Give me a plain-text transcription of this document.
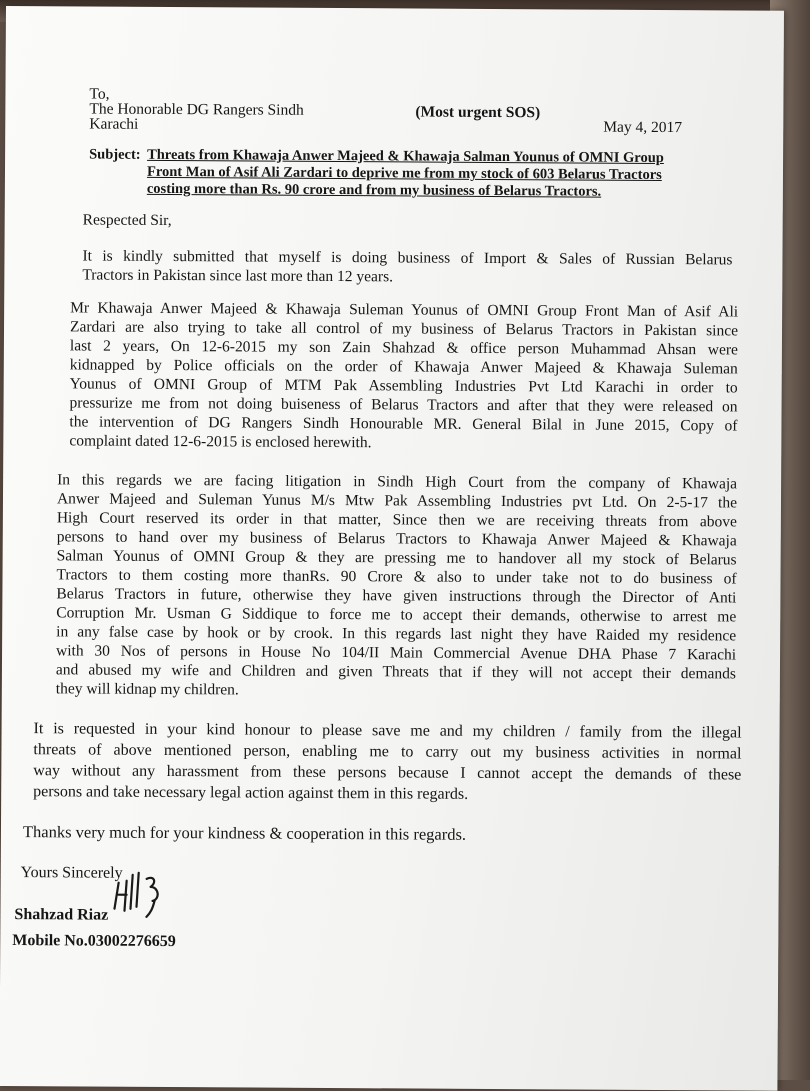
To,
The Honorable DG Rangers Sindh
Karachi
(Most urgent SOS)
May 4, 2017
Subject: Threats from Khawaja Anwer Majeed & Khawaja Salman Younus of OMNI Group
Front Man of Asif Ali Zardari to deprive me from my stock of 603 Belarus Tractors
costing more than Rs. 90 crore and from my business of Belarus Tractors.
Respected Sir,
It is kindly submitted that myself is doing business of Import & Sales of Russian Belarus
Tractors in Pakistan since last more than 12 years.
Mr Khawaja Anwer Majeed & Khawaja Suleman Younus of OMNI Group Front Man of Asif Ali
Zardari are also trying to take all control of my business of Belarus Tractors in Pakistan since
last 2 years, On 12-6-2015 my son Zain Shahzad & office person Muhammad Ahsan were
kidnapped by Police officials on the order of Khawaja Anwer Majeed & Khawaja Suleman
Younus of OMNI Group of MTM Pak Assembling Industries Pvt Ltd Karachi in order to
pressurize me from not doing buiseness of Belarus Tractors and after that they were released on
the intervention of DG Rangers Sindh Honourable MR. General Bilal in June 2015, Copy of
complaint dated 12-6-2015 is enclosed herewith.
In this regards we are facing litigation in Sindh High Court from the company of Khawaja
Anwer Majeed and Suleman Yunus M/s Mtw Pak Assembling Industries pvt Ltd. On 2-5-17 the
High Court reserved its order in that matter, Since then we are receiving threats from above
persons to hand over my business of Belarus Tractors to Khawaja Anwer Majeed & Khawaja
Salman Younus of OMNI Group & they are pressing me to handover all my stock of Belarus
Tractors to them costing more thanRs. 90 Crore & also to under take not to do business of
Belarus Tractors in future, otherwise they have given instructions through the Director of Anti
Corruption Mr. Usman G Siddique to force me to accept their demands, otherwise to arrest me
in any false case by hook or by crook. In this regards last night they have Raided my residence
with 30 Nos of persons in House No 104/II Main Commercial Avenue DHA Phase 7 Karachi
and abused my wife and Children and given Threats that if they will not accept their demands
they will kidnap my children.
It is requested in your kind honour to please save me and my children / family from the illegal
threats of above mentioned person, enabling me to carry out my business activities in normal
way without any harassment from these persons because I cannot accept the demands of these
persons and take necessary legal action against them in this regards.
Thanks very much for your kindness & cooperation in this regards.
Yours Sincerely
Shahzad Riaz
Mobile No.03002276659
